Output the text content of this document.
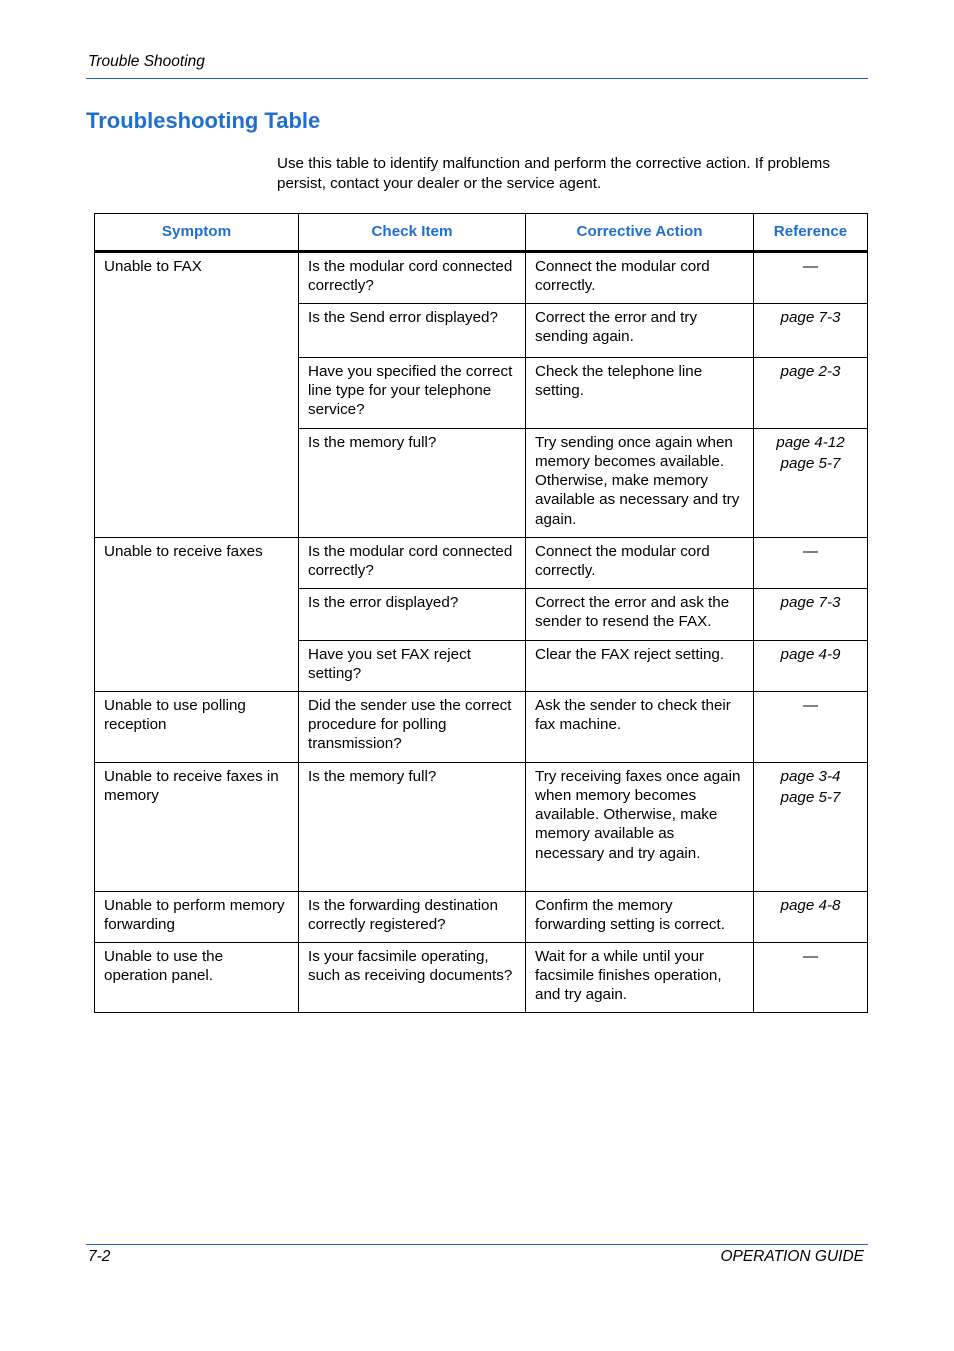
Trouble Shooting
Troubleshooting Table

Use this table to identify malfunction and perform the corrective action. If problems persist, contact your dealer or the service agent.

Symptom	Check Item	Corrective Action	Reference
Unable to FAX	Is the modular cord connected correctly?	Connect the modular cord correctly.	—

	Is the Send error displayed?	Correct the error and try sending again.	page 7-3

	Have you specified the correct line type for your telephone service?	Check the telephone line setting.	page 2-3

	Is the memory full?	Try sending once again when memory becomes available. Otherwise, make memory available as necessary and try again.	page 4-12
page 5-7

Unable to receive faxes	Is the modular cord connected correctly?	Connect the modular cord correctly.	—

	Is the error displayed?	Correct the error and ask the sender to resend the FAX.	page 7-3

	Have you set FAX reject setting?	Clear the FAX reject setting.	page 4-9

Unable to use polling reception	Did the sender use the correct procedure for polling transmission?	Ask the sender to check their fax machine.	—

Unable to receive faxes in memory	Is the memory full?	Try receiving faxes once again when memory becomes available. Otherwise, make memory available as necessary and try again.	page 3-4
page 5-7

Unable to perform memory forwarding	Is the forwarding destination correctly registered?	Confirm the memory forwarding setting is correct.	page 4-8

Unable to use the operation panel.	Is your facsimile operating, such as receiving documents?	Wait for a while until your facsimile finishes operation, and try again.	—
7-2	OPERATION GUIDE
